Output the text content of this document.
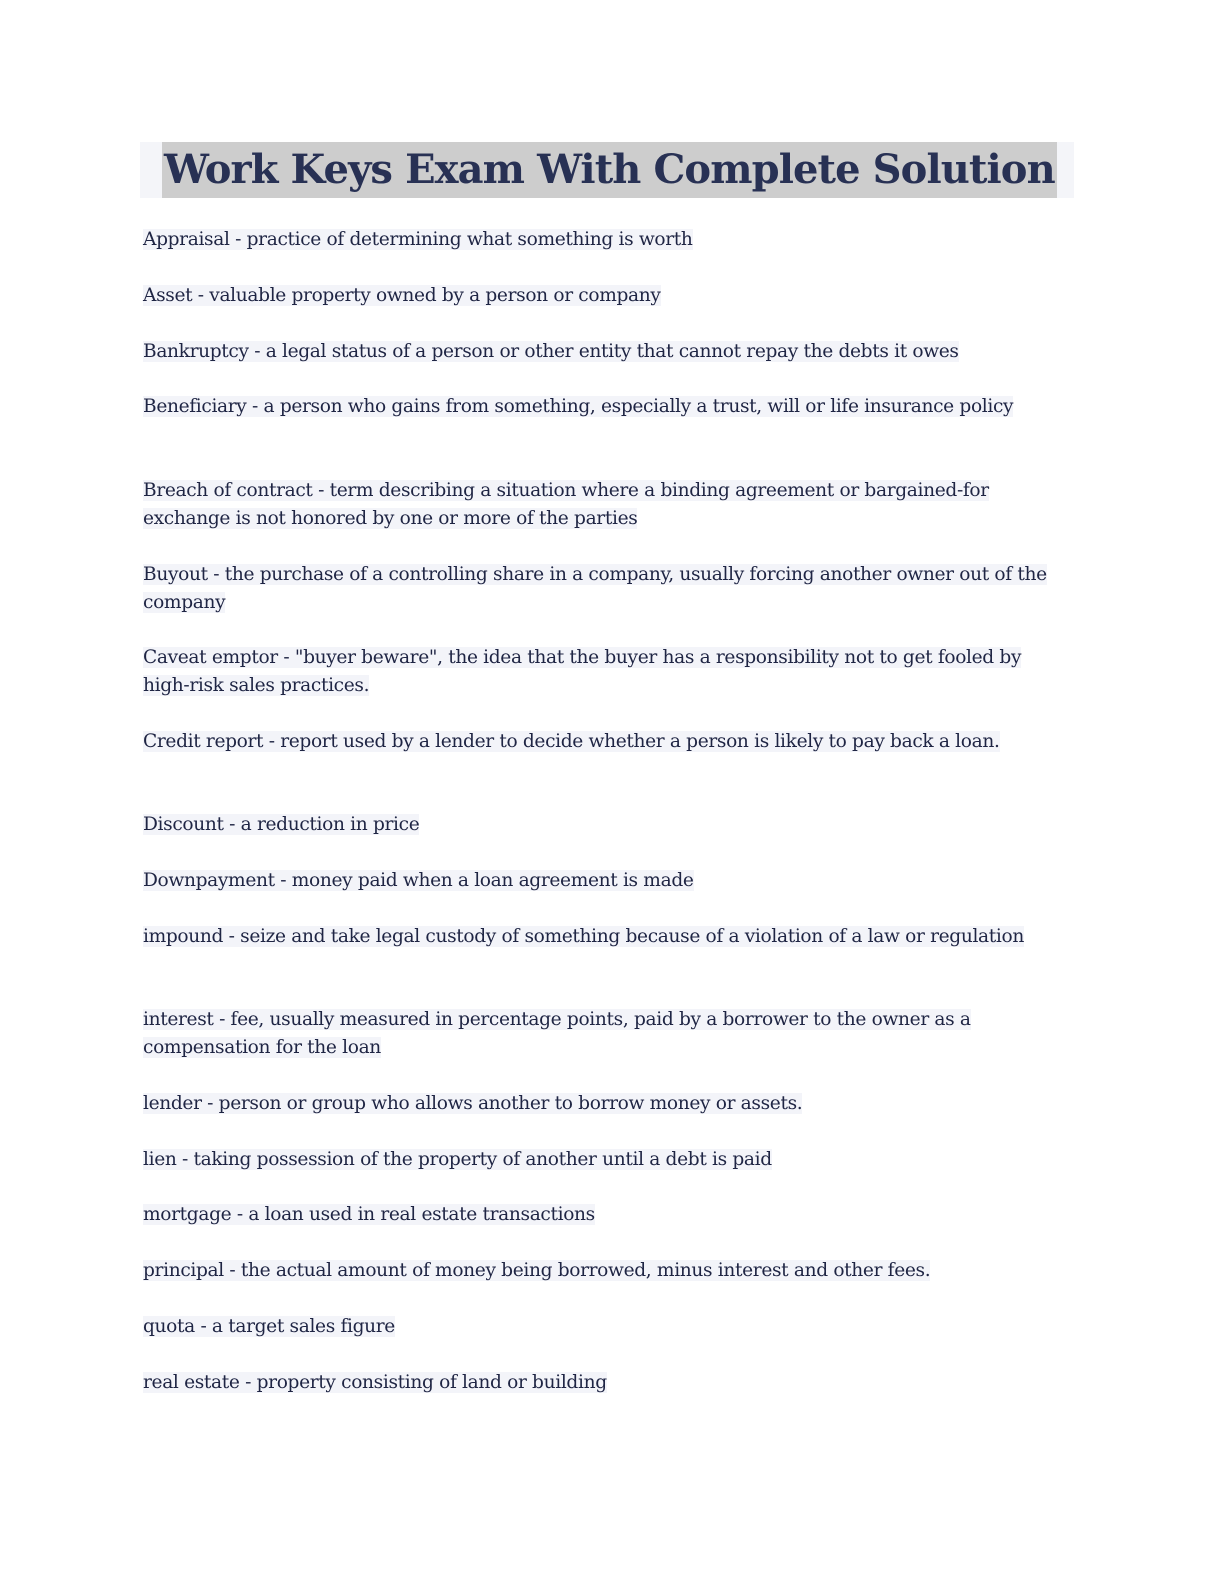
Work Keys Exam With Complete Solution
Appraisal - practice of determining what something is worth
Asset - valuable property owned by a person or company
Bankruptcy - a legal status of a person or other entity that cannot repay the debts it owes
Beneficiary - a person who gains from something, especially a trust, will or life insurance policy
Breach of contract - term describing a situation where a binding agreement or bargained-for exchange is not honored by one or more of the parties
Buyout - the purchase of a controlling share in a company, usually forcing another owner out of the company
Caveat emptor - "buyer beware", the idea that the buyer has a responsibility not to get fooled by high-risk sales practices.
Credit report - report used by a lender to decide whether a person is likely to pay back a loan.
Discount - a reduction in price
Downpayment - money paid when a loan agreement is made
impound - seize and take legal custody of something because of a violation of a law or regulation
interest - fee, usually measured in percentage points, paid by a borrower to the owner as a compensation for the loan
lender - person or group who allows another to borrow money or assets.
lien - taking possession of the property of another until a debt is paid
mortgage - a loan used in real estate transactions
principal - the actual amount of money being borrowed, minus interest and other fees.
quota - a target sales figure
real estate - property consisting of land or building
